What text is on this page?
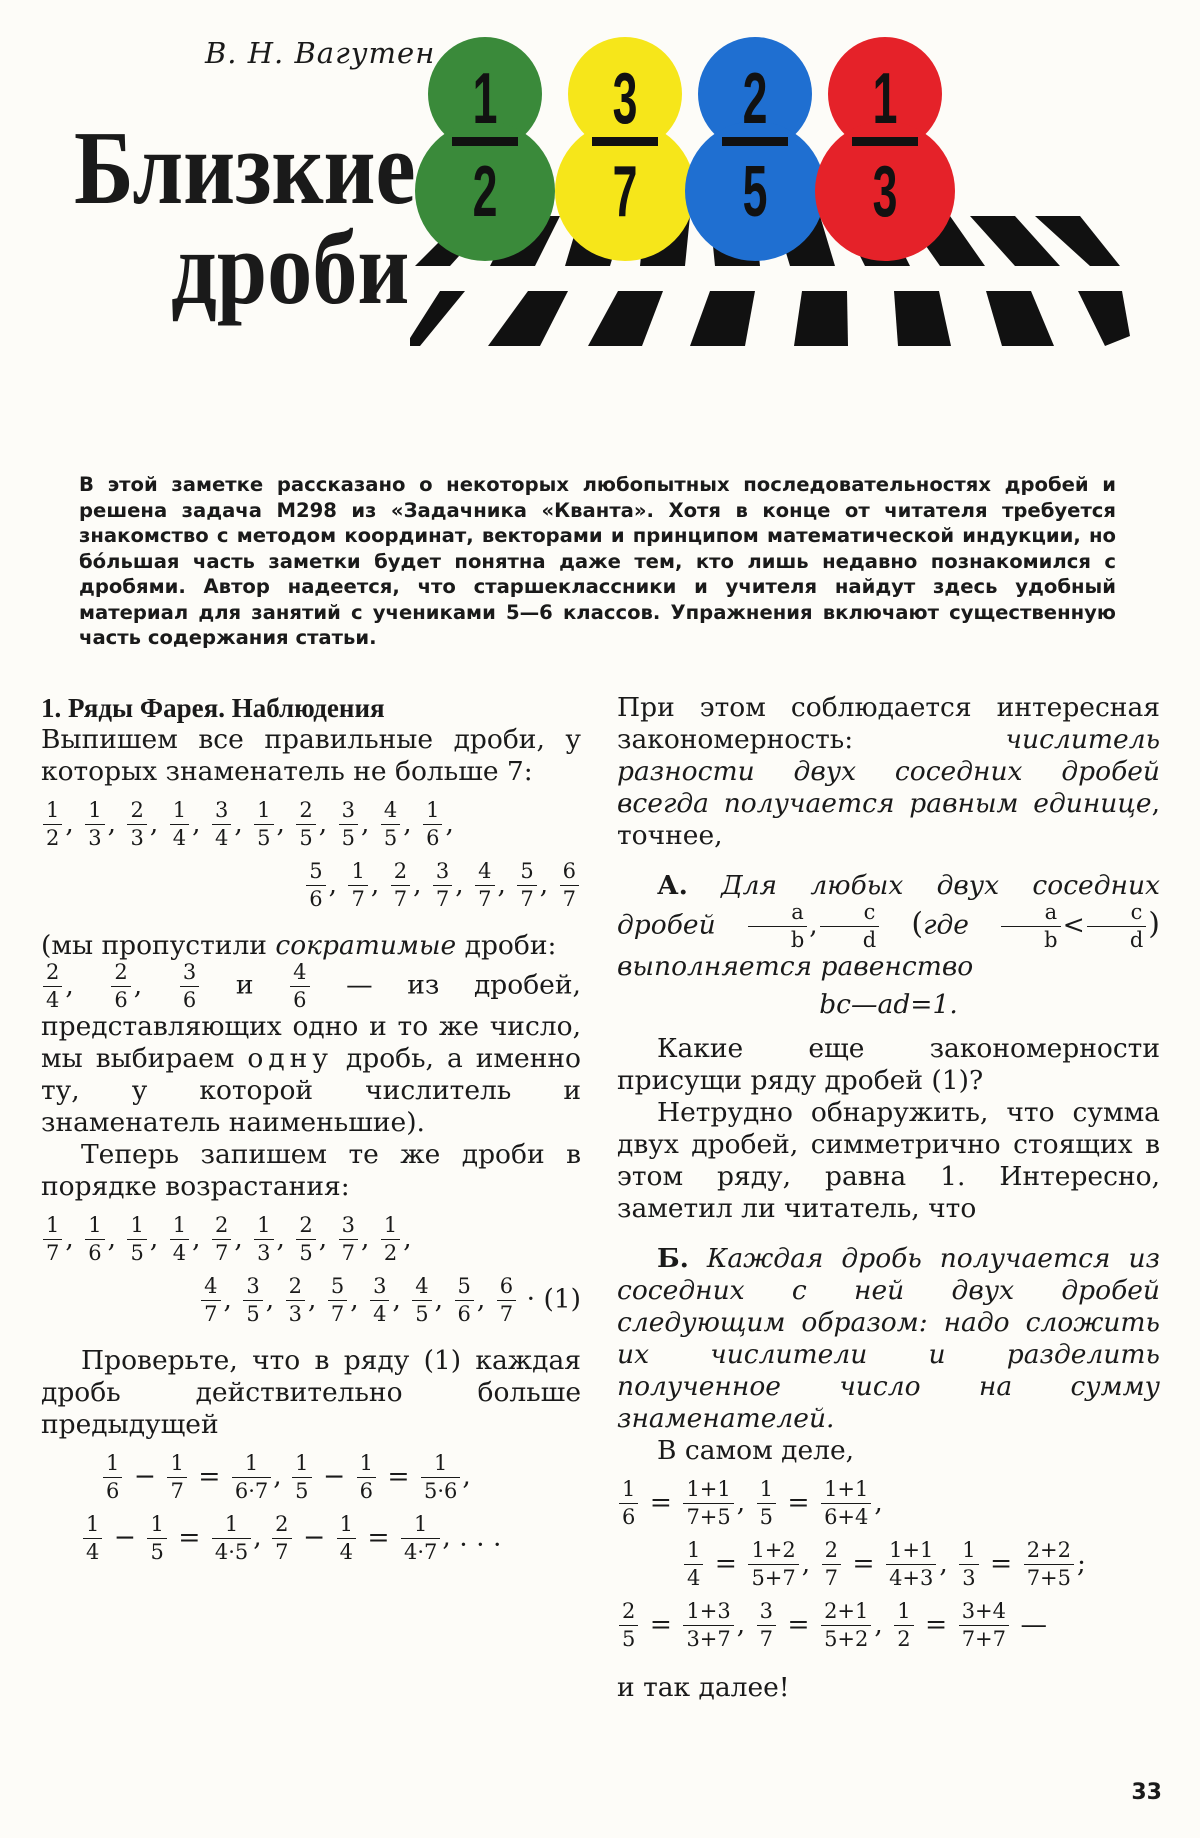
В. Н. Вагутен
Близкие
дроби
1
2
3
7
2
5
1
3
В этой заметке рассказано о некоторых любопытных последовательностях дробей и решена задача М298 из «Задачника «Кванта». Хотя в конце от читателя требуется знакомство с методом координат, векторами и принципом математической индукции, но бóльшая часть заметки будет понятна даже тем, кто лишь недавно познакомился с дробями. Автор надеется, что старшеклассники и учителя найдут здесь удобный материал для занятий с учениками 5—6 классов. Упражнения включают существенную часть содержания статьи.

1. Ряды Фарея. Наблюдения

Выпишем все правильные дроби, у которых знаменатель не больше 7:

$\frac{1}{2}$ , $\frac{1}{3}$ , $\frac{2}{3}$ , $\frac{1}{4}$ , $\frac{3}{4}$ , $\frac{1}{5}$ , $\frac{2}{5}$ , $\frac{3}{5}$ , $\frac{4}{5}$ , $\frac{1}{6}$ ,
$\frac{5}{6}$ , $\frac{1}{7}$ , $\frac{2}{7}$ , $\frac{3}{7}$ , $\frac{4}{7}$ , $\frac{5}{7}$ , $\frac{6}{7}$

(мы пропустили сократимые дроби:

$\frac{2}{4}$ , $\frac{2}{6}$ , $\frac{3}{6}$ и $\frac{4}{6}$ — из дробей, представляющих одно и то же число, мы выбираем одну дробь, а именно ту, у которой числитель и знаменатель наименьшие).

Теперь запишем те же дроби в порядке возрастания:

$\frac{1}{7}$ , $\frac{1}{6}$ , $\frac{1}{5}$ , $\frac{1}{4}$ , $\frac{2}{7}$ , $\frac{1}{3}$ , $\frac{2}{5}$ , $\frac{3}{7}$ , $\frac{1}{2}$ ,
$\frac{4}{7}$ , $\frac{3}{5}$ , $\frac{2}{3}$ , $\frac{5}{7}$ , $\frac{3}{4}$ , $\frac{4}{5}$ , $\frac{5}{6}$ , $\frac{6}{7} \cdot (1)$

Проверьте, что в ряду (1) каждая дробь действительно больше предыдущей

$\frac{1}{6} - \frac{1}{7} = \frac{1}{6\cdot 7}$ , $\frac{1}{5} - \frac{1}{6} = \frac{1}{5\cdot 6}$ ,
$\frac{1}{4} - \frac{1}{5} = \frac{1}{4\cdot 5}$ , $\frac{2}{7} - \frac{1}{4} = \frac{1}{4\cdot 7}$ , . . .

При этом соблюдается интересная закономерность: числитель разности двух соседних дробей всегда получается равным единице, точнее,

А. Для любых двух соседних дробей $\frac{a}{b}$ , $\frac{c}{d} (где \frac{a}{b} < \frac{c}{d}$ ) выполняется равенство

bc—ad=1.

Какие еще закономерности присущи ряду дробей (1)?

Нетрудно обнаружить, что сумма двух дробей, симметрично стоящих в этом ряду, равна 1. Интересно, заметил ли читатель, что

Б. Каждая дробь получается из соседних с ней двух дробей следующим образом: надо сложить их числители и разделить полученное число на сумму знаменателей.

В самом деле,

$\frac{1}{6} = \frac{1+1}{7+5}$ , $\frac{1}{5} = \frac{1+1}{6+4}$ ,
$\frac{1}{4} = \frac{1+2}{5+7}$ , $\frac{2}{7} = \frac{1+1}{4+3}$ , $\frac{1}{3} = \frac{2+2}{7+5}$ ;
$\frac{2}{5} = \frac{1+3}{3+7}$ , $\frac{3}{7} = \frac{2+1}{5+2}$ , $\frac{1}{2} = \frac{3+4}{7+7}$ —

и так далее!

33
